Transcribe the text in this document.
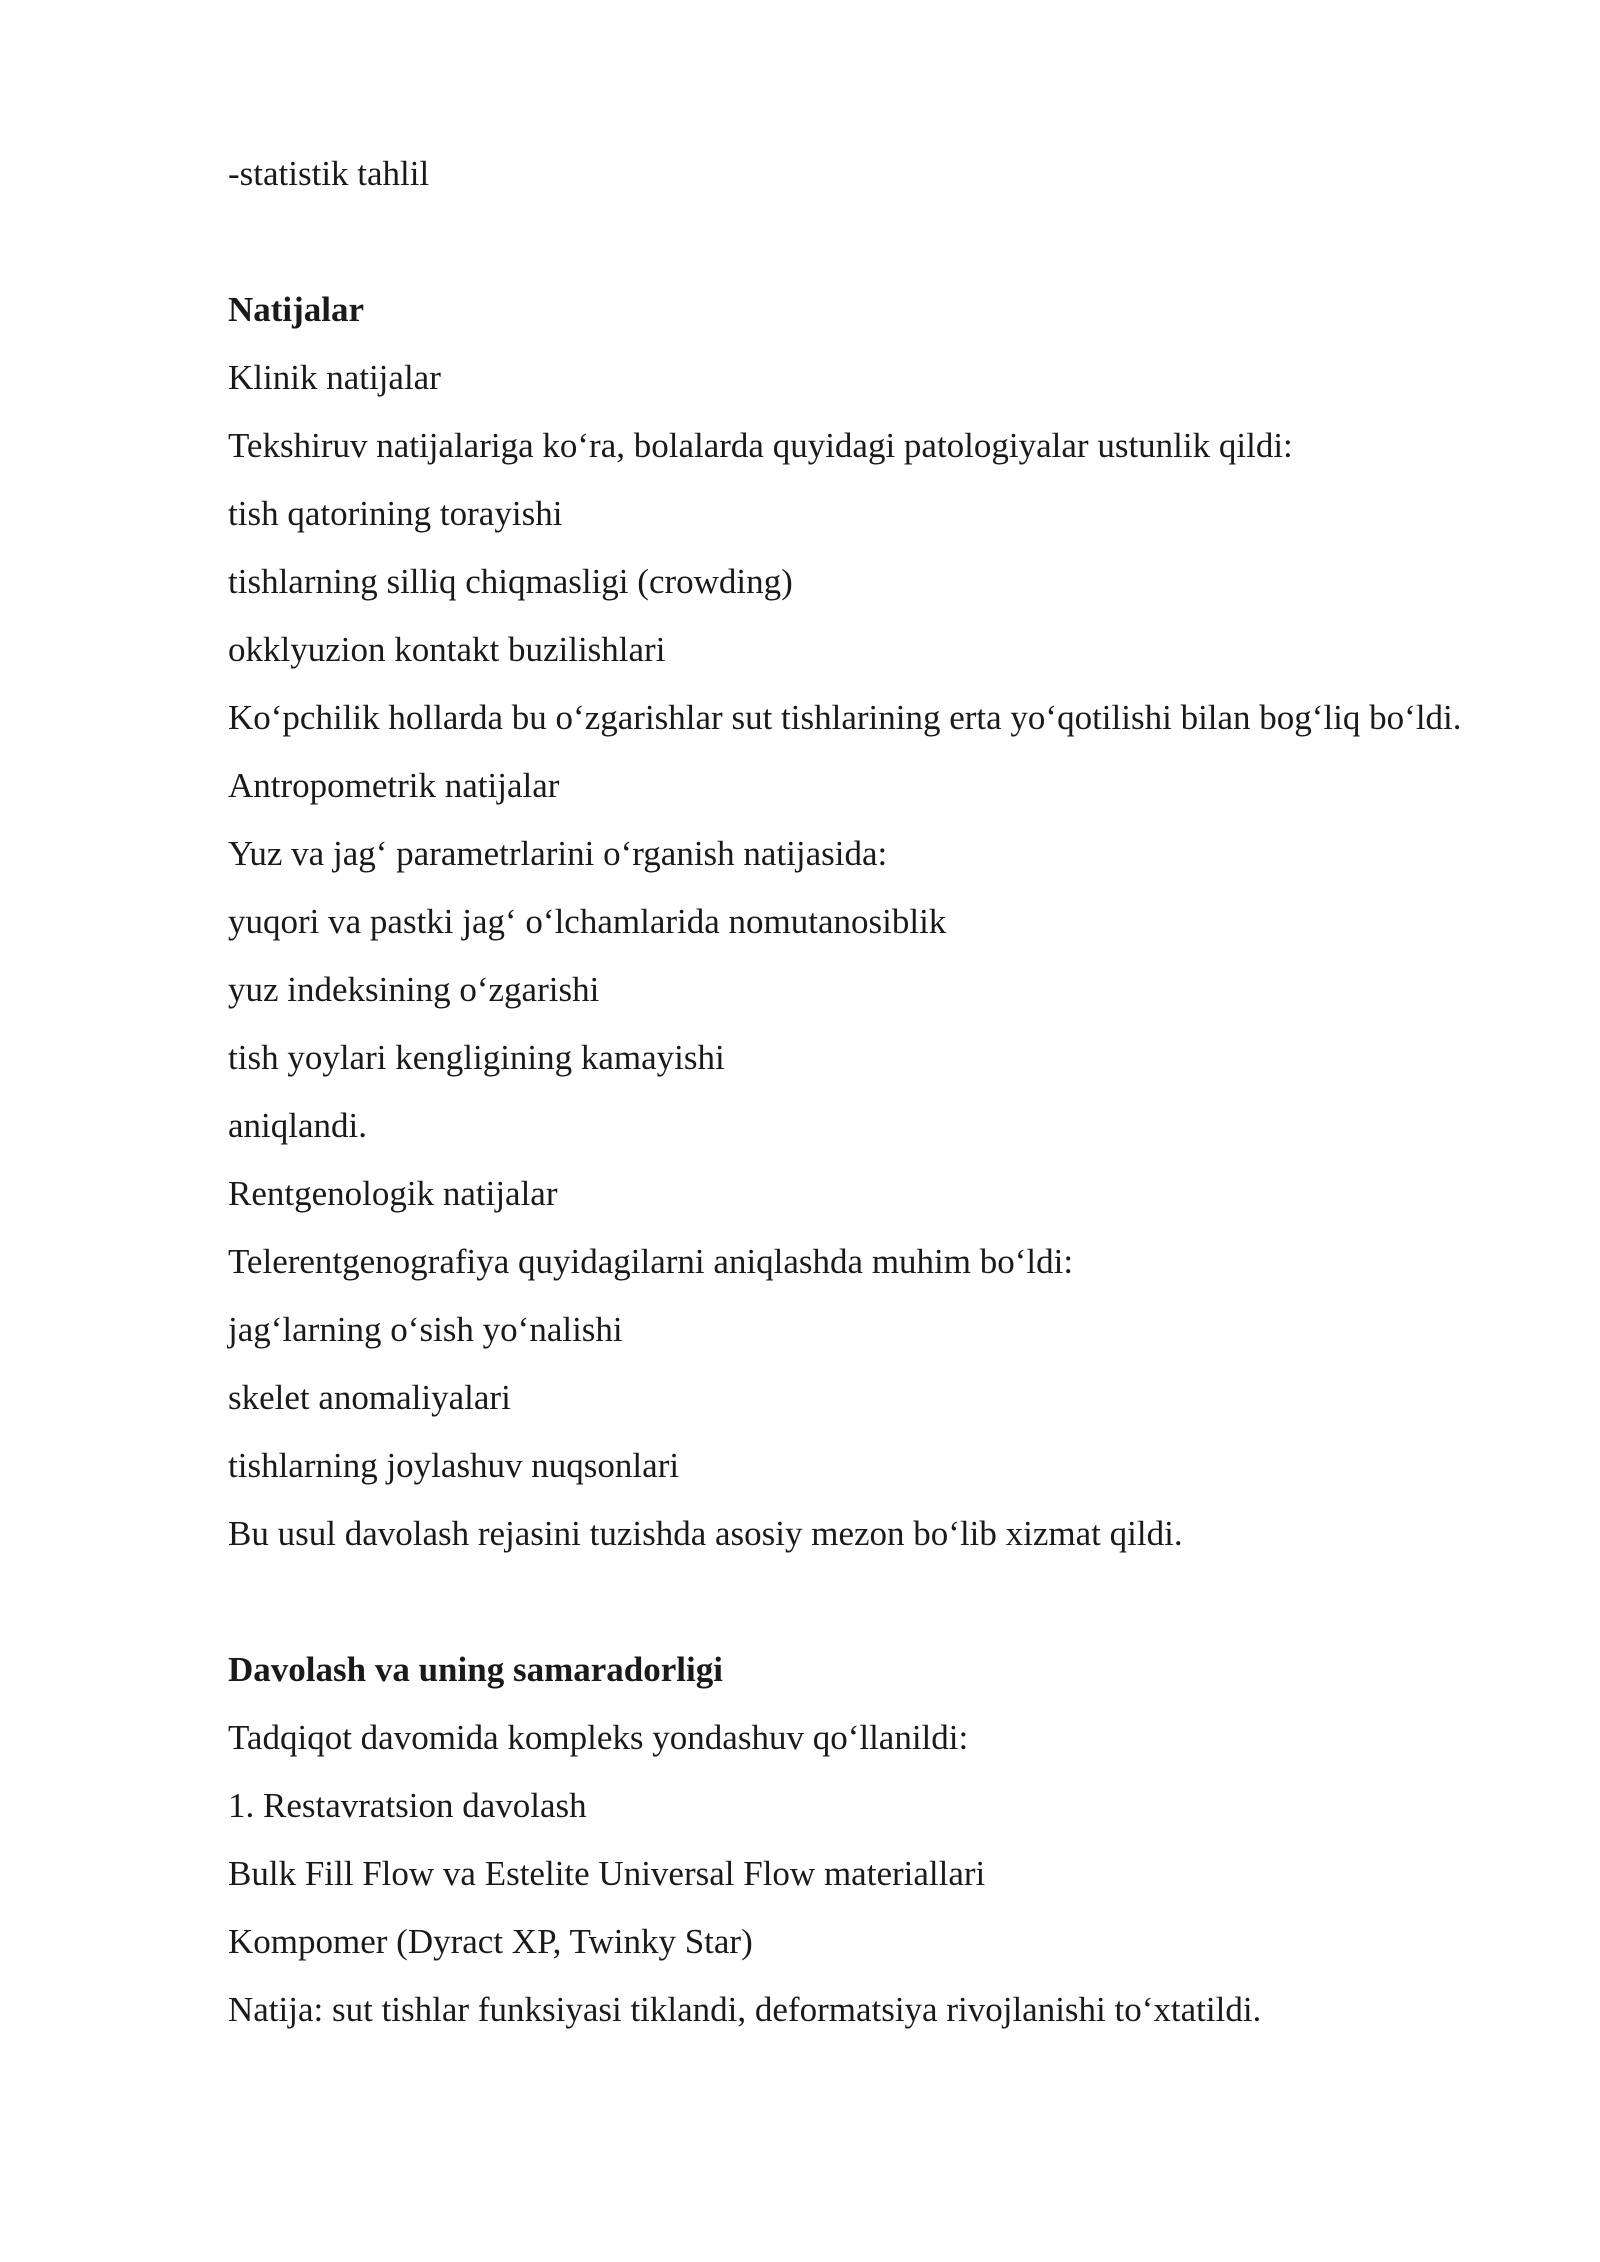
-statistik tahlil

Natijalar

Klinik natijalar

Tekshiruv natijalariga ko‘ra, bolalarda quyidagi patologiyalar ustunlik qildi:

tish qatorining torayishi

tishlarning silliq chiqmasligi (crowding)

okklyuzion kontakt buzilishlari

Ko‘pchilik hollarda bu o‘zgarishlar sut tishlarining erta yo‘qotilishi bilan bog‘liq bo‘ldi.

Antropometrik natijalar

Yuz va jag‘ parametrlarini o‘rganish natijasida:

yuqori va pastki jag‘ o‘lchamlarida nomutanosiblik

yuz indeksining o‘zgarishi

tish yoylari kengligining kamayishi

aniqlandi.

Rentgenologik natijalar

Telerentgenografiya quyidagilarni aniqlashda muhim bo‘ldi:

jag‘larning o‘sish yo‘nalishi

skelet anomaliyalari

tishlarning joylashuv nuqsonlari

Bu usul davolash rejasini tuzishda asosiy mezon bo‘lib xizmat qildi.

Davolash va uning samaradorligi

Tadqiqot davomida kompleks yondashuv qo‘llanildi:

1. Restavratsion davolash

Bulk Fill Flow va Estelite Universal Flow materiallari

Kompomer (Dyract XP, Twinky Star)

Natija: sut tishlar funksiyasi tiklandi, deformatsiya rivojlanishi to‘xtatildi.
